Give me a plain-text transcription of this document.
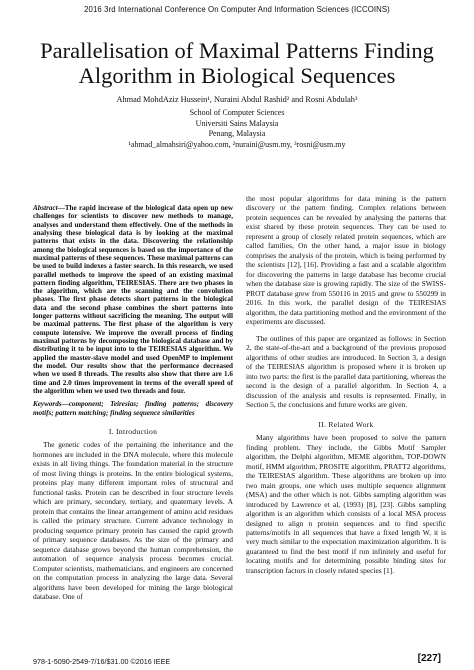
2016 3rd International Conference On Computer And Information Sciences (ICCOINS)
Parallelisation of Maximal Patterns Finding Algorithm in Biological Sequences
Ahmad MohdAziz Hussein¹, Nuraini Abdul Rashid² and Rosni Abdulah³
School of Computer Sciences
Universiti Sains Malaysia
Penang, Malaysia
¹ahmad_almahsiri@yahoo.com, ²nuraini@usm.my, ³rosni@usm.my
Abstract—The rapid increase of the biological data open up new challenges for scientists to discover new methods to manage, analyses and understand them effectively. One of the methods in analysing these biological data is by looking at the maximal patterns that exists in the data. Discovering the relationship among the biological sequences is based on the importance of the maximal patterns of these sequences. These maximal patterns can be used to build indexes a faster search. In this research, we used parallel methods to improve the speed of an existing maximal pattern finding algorithm, TEIRESIAS. There are two phases in the algorithm, which are the scanning and the convolution phases. The first phase detects short patterns in the biological data and the second phase combines the short patterns into longer patterns without sacrificing the meaning. The output will be maximal patterns. The first phase of the algorithm is very compute intensive. We improve the overall process of finding maximal patterns by decomposing the biological database and by distributing it to be input into to the TEIRESIAS algorithm. We applied the master-slave model and used OpenMP to implement the model. Our results show that the performance decreased when we used 8 threads. The results also show that there are 1.6 time and 2.0 times improvement in terms of the overall speed of the algorithm when we used two threads and four.
Keywords—component; Teiresias; finding patterns; discovery motifs; pattern matching; finding sequence similarities
I. Introduction

The genetic codes of the pertaining the inheritance and the hormones are included in the DNA molecule, where this molecule exists in all living things. The foundation material in the structure of most living things is proteins. In the entire biological systems, proteins play many different important roles of structural and functional tasks. Protein can be described in four structure levels which are primary, secondary, tertiary, and quaternary levels. A protein that contains the linear arrangement of amino acid residues is called the primary structure. Current advance technology in producing sequence primary protein has caused the rapid growth of primary sequence databases. As the size of the primary and sequence database grows beyond the human comprehension, the automation of sequence analysis process becomes crucial. Computer scientists, mathematicians, and engineers are concerned on the computation process in analyzing the large data. Several algorithms have been developed for mining the large biological database. One of

the most popular algorithms for data mining is the pattern discovery or the pattern finding. Complex relations between protein sequences can be revealed by analysing the patterns that exist shared by these protein sequences. They can be used to represent a group of closely related protein sequences, which are called families, On the other hand, a major issue in biology comprises the analysis of the protein, which is being performed by the scientists [12], [16]. Providing a fast and a scalable algorithm for discovering the patterns in large database has become crucial when the database size is growing rapidly. The size of the SWISS-PROT database grew from 550116 in 2015 and grew to 550299 in 2016. In this work, the parallel design of the TEIRESIAS algorithm, the data partitioning method and the environment of the experiments are discussed.

The outlines of this paper are organized as follows: in Section 2, the state-of-the-art and a background of the previous proposed algorithms of other studies are introduced. In Section 3, a design of the TEIRESIAS algorithm is proposed where it is broken up into two parts: the first is the parallel data partitioning, whereas the second is the design of a parallel algorithm. In Section 4, a discussion of the analysis and results is represented. Finally, in Section 5, the conclusions and future works are given.

II. Related Work

Many algorithms have been proposed to solve the pattern finding problem. They include, the Gibbs Motif Sampler algorithm, the Delphi algorithm, MEME algorithm, TOP-DOWN motif, HMM algorithm, PROSITE algorithm, PRATT2 algorithms, the TEIRESIAS algorithm. These algorithms are broken up into two main groups, one which uses multiple sequence alignment (MSA) and the other which is not. Gibbs sampling algorithm was introduced by Lawrence et al, (1993) [8], [23]. Gibbs sampling algorithm is an algorithm which consists of a local MSA process designed to align n protein sequences and to find specific patterns/motifs in all sequences that have a fixed length W, it is very much similar to the expectation maximization algorithm. It is guaranteed to find the best motif if run infinitely and useful for locating motifs and for determining possible binding sites for transcription factors in closely related species [1].

978-1-5090-2549-7/16/$31.00 ©2016 IEEE	[227]
